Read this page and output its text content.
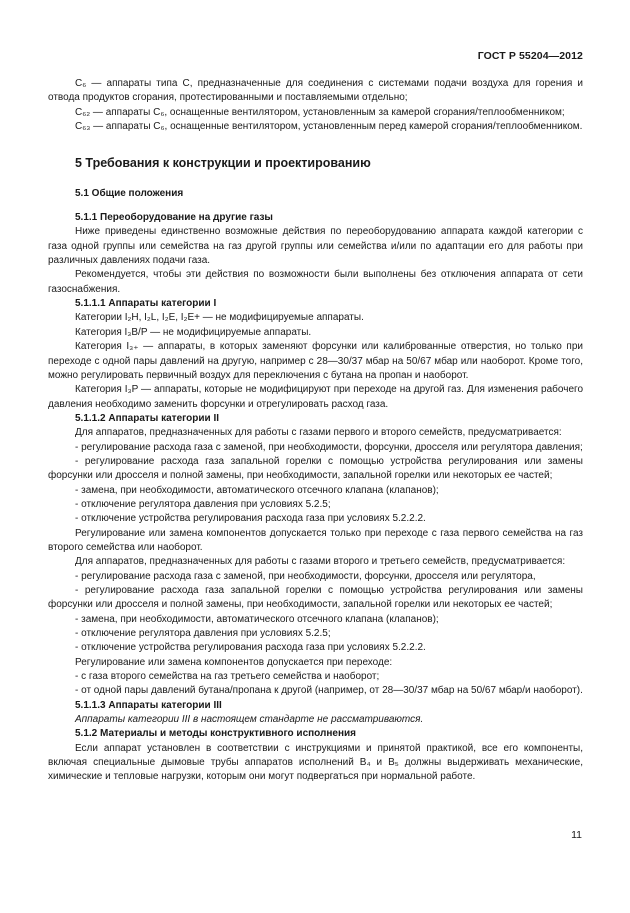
ГОСТ Р 55204—2012

C₆ — аппараты типа C, предназначенные для соединения с системами подачи воздуха для горения и отвода продуктов сгорания, протестированными и поставляемыми отдельно;

C₆₂ — аппараты C₆, оснащенные вентилятором, установленным за камерой сгорания/теплообменником;

C₆₃ — аппараты C₆, оснащенные вентилятором, установленным перед камерой сгорания/теплообменником.

5 Требования к конструкции и проектированию

5.1 Общие положения

5.1.1 Переоборудование на другие газы

Ниже приведены единственно возможные действия по переоборудованию аппарата каждой категории с газа одной группы или семейства на газ другой группы или семейства и/или по адаптации его для работы при различных давлениях подачи газа.

Рекомендуется, чтобы эти действия по возможности были выполнены без отключения аппарата от сети газоснабжения.

5.1.1.1 Аппараты категории I

Категории I₂H, I₂L, I₂E, I₂E+ — не модифицируемые аппараты.

Категория I₃B/P — не модифицируемые аппараты.

Категория I₃₊ — аппараты, в которых заменяют форсунки или калиброванные отверстия, но только при переходе с одной пары давлений на другую, например с 28—30/37 мбар на 50/67 мбар или наоборот. Кроме того, можно регулировать первичный воздух для переключения с бутана на пропан и наоборот.

Категория I₃P — аппараты, которые не модифицируют при переходе на другой газ. Для изменения рабочего давления необходимо заменить форсунки и отрегулировать расход газа.

5.1.1.2 Аппараты категории II

Для аппаратов, предназначенных для работы с газами первого и второго семейств, предусматривается:

- регулирование расхода газа с заменой, при необходимости, форсунки, дросселя или регулятора давления;

- регулирование расхода газа запальной горелки с помощью устройства регулирования или замены форсунки или дросселя и полной замены, при необходимости, запальной горелки или некоторых ее частей;

- замена, при необходимости, автоматического отсечного клапана (клапанов);

- отключение регулятора давления при условиях 5.2.5;

- отключение устройства регулирования расхода газа при условиях 5.2.2.2.

Регулирование или замена компонентов допускается только при переходе с газа первого семейства на газ второго семейства или наоборот.

Для аппаратов, предназначенных для работы с газами второго и третьего семейств, предусматривается:

- регулирование расхода газа с заменой, при необходимости, форсунки, дросселя или регулятора,

- регулирование расхода газа запальной горелки с помощью устройства регулирования или замены форсунки или дросселя и полной замены, при необходимости, запальной горелки или некоторых ее частей;

- замена, при необходимости, автоматического отсечного клапана (клапанов);

- отключение регулятора давления при условиях 5.2.5;

- отключение устройства регулирования расхода газа при условиях 5.2.2.2.

Регулирование или замена компонентов допускается при переходе:

- с газа второго семейства на газ третьего семейства и наоборот;

- от одной пары давлений бутана/пропана к другой (например, от 28—30/37 мбар на 50/67 мбар/и наоборот).

5.1.1.3 Аппараты категории III

Аппараты категории III в настоящем стандарте не рассматриваются.

5.1.2 Материалы и методы конструктивного исполнения

Если аппарат установлен в соответствии с инструкциями и принятой практикой, все его компоненты, включая специальные дымовые трубы аппаратов исполнений B₄ и B₅ должны выдерживать механические, химические и тепловые нагрузки, которым они могут подвергаться при нормальной работе.

11
